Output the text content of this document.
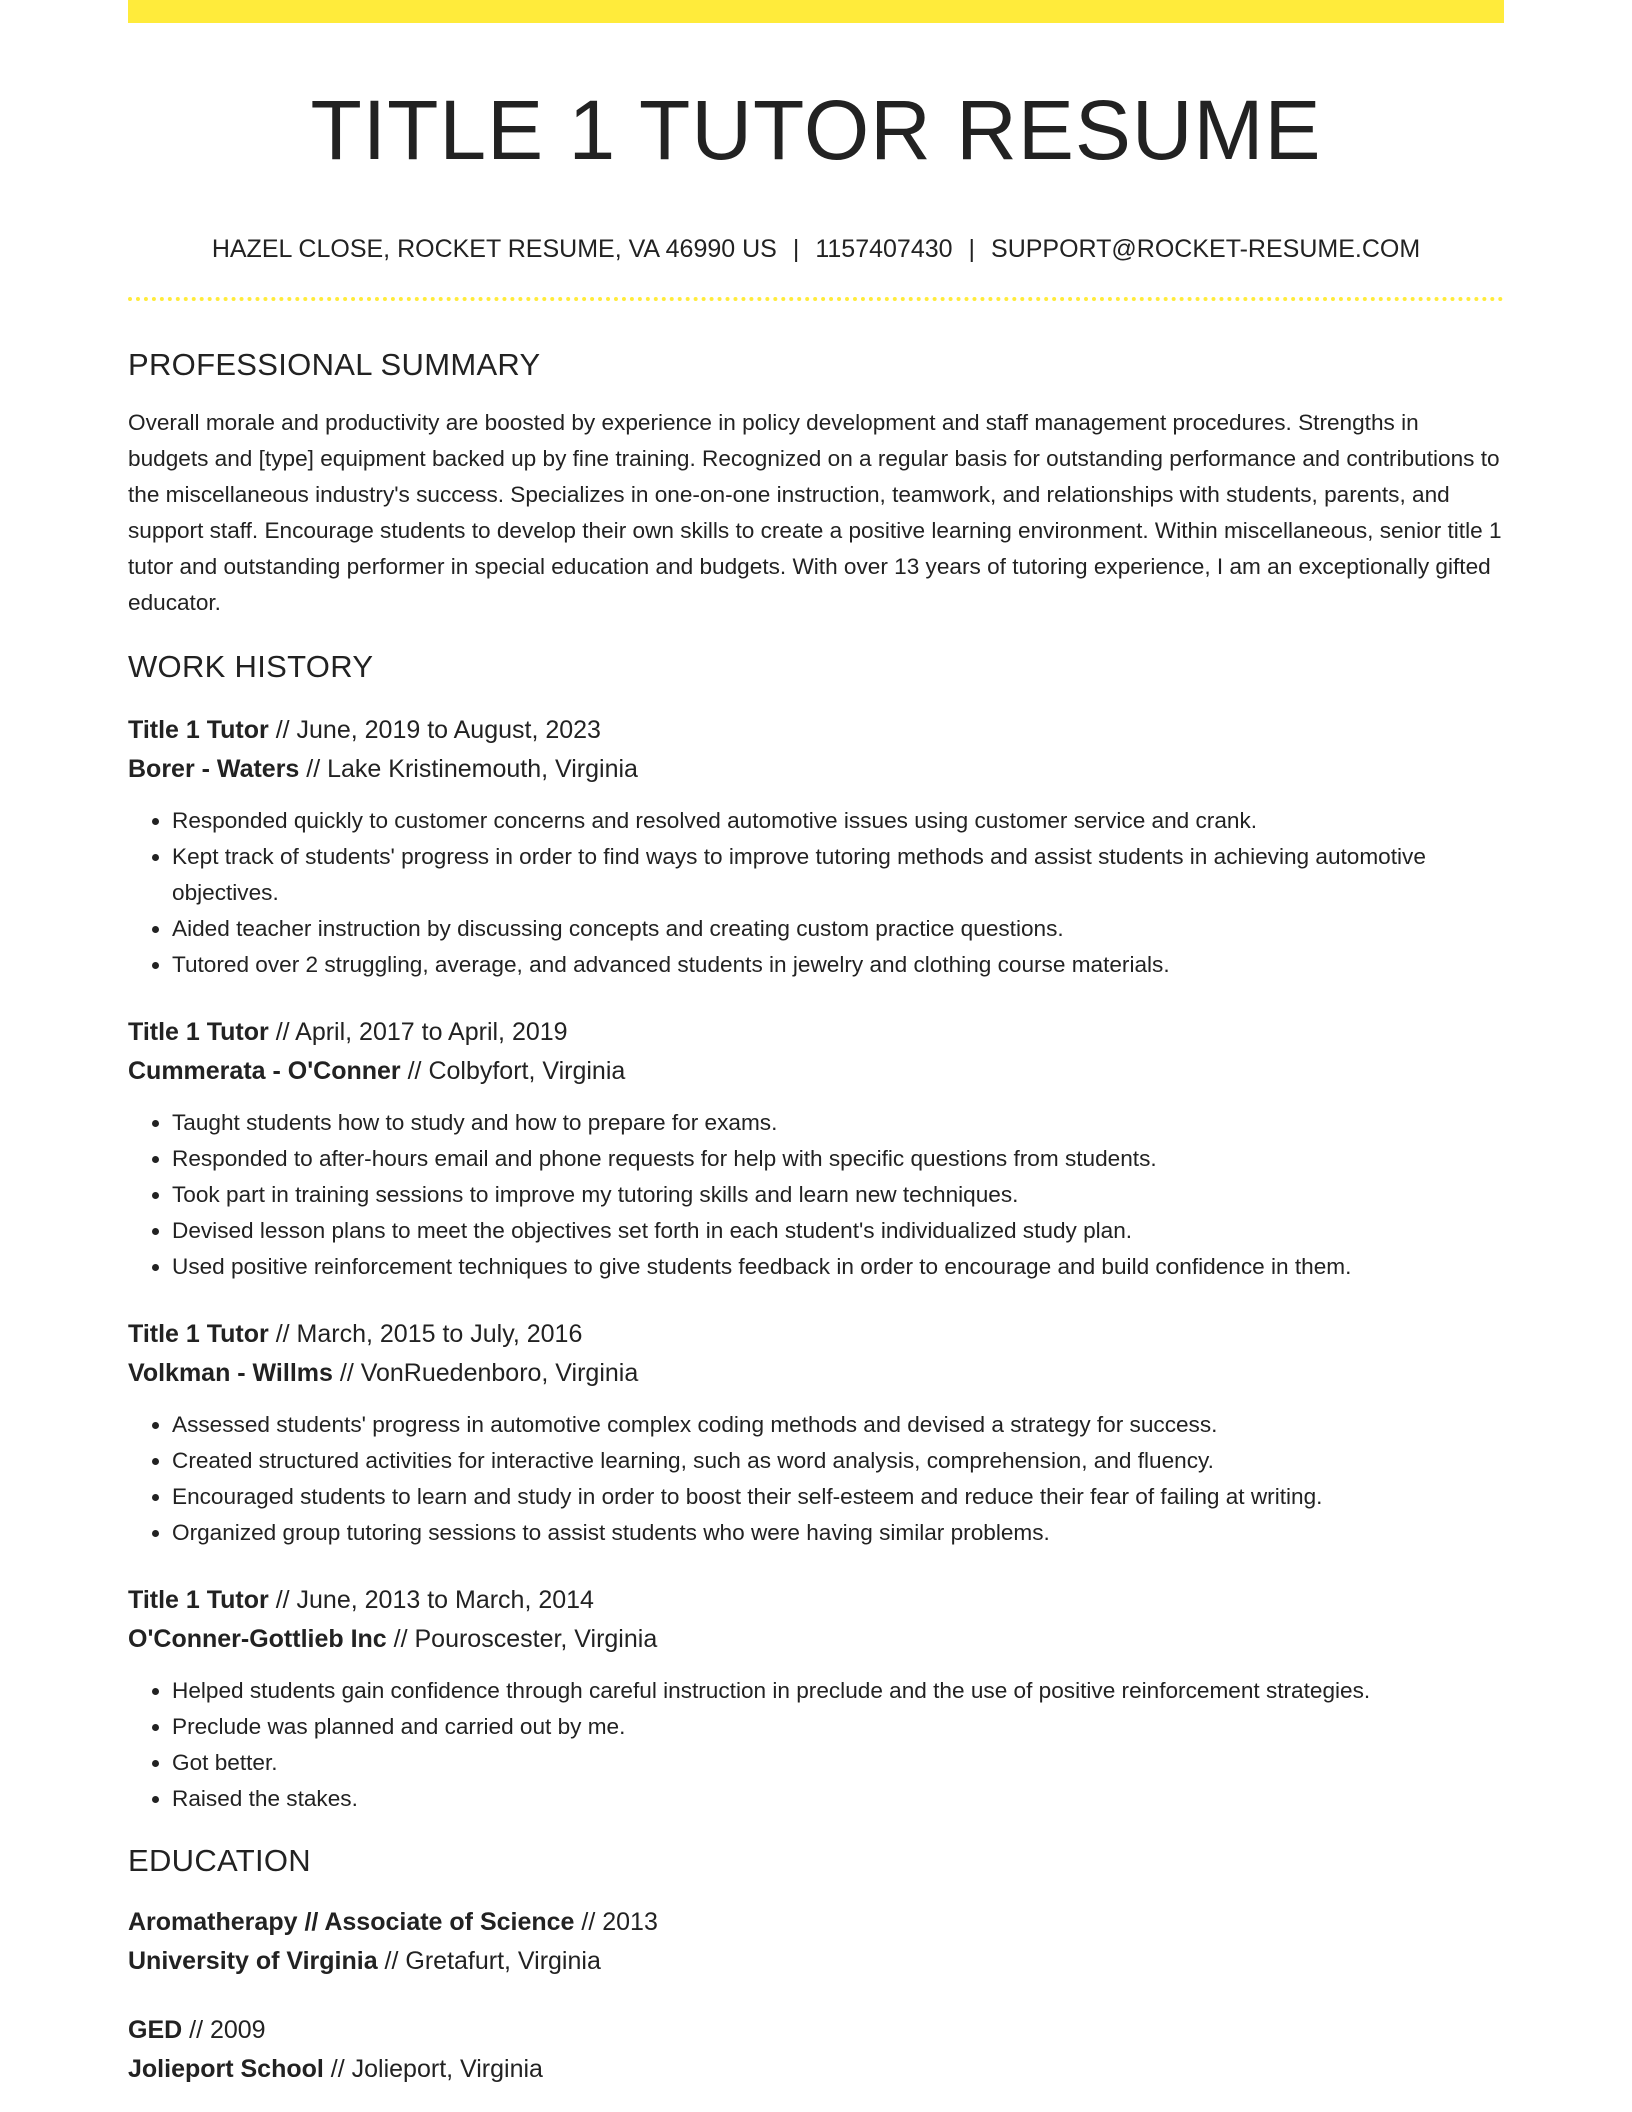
TITLE 1 TUTOR RESUME
HAZEL CLOSE, ROCKET RESUME, VA 46990 US | 1157407430 | SUPPORT@ROCKET-RESUME.COM
PROFESSIONAL SUMMARY
Overall morale and productivity are boosted by experience in policy development and staff management procedures. Strengths in budgets and [type] equipment backed up by fine training. Recognized on a regular basis for outstanding performance and contributions to the miscellaneous industry's success. Specializes in one-on-one instruction, teamwork, and relationships with students, parents, and support staff. Encourage students to develop their own skills to create a positive learning environment. Within miscellaneous, senior title 1 tutor and outstanding performer in special education and budgets. With over 13 years of tutoring experience, I am an exceptionally gifted educator.
WORK HISTORY
Title 1 Tutor // June, 2019 to August, 2023
Borer - Waters // Lake Kristinemouth, Virginia
• Responded quickly to customer concerns and resolved automotive issues using customer service and crank.
• Kept track of students' progress in order to find ways to improve tutoring methods and assist students in achieving automotive objectives.
• Aided teacher instruction by discussing concepts and creating custom practice questions.
• Tutored over 2 struggling, average, and advanced students in jewelry and clothing course materials.
Title 1 Tutor // April, 2017 to April, 2019
Cummerata - O'Conner // Colbyfort, Virginia
• Taught students how to study and how to prepare for exams.
• Responded to after-hours email and phone requests for help with specific questions from students.
• Took part in training sessions to improve my tutoring skills and learn new techniques.
• Devised lesson plans to meet the objectives set forth in each student's individualized study plan.
• Used positive reinforcement techniques to give students feedback in order to encourage and build confidence in them.
Title 1 Tutor // March, 2015 to July, 2016
Volkman - Willms // VonRuedenboro, Virginia
• Assessed students' progress in automotive complex coding methods and devised a strategy for success.
• Created structured activities for interactive learning, such as word analysis, comprehension, and fluency.
• Encouraged students to learn and study in order to boost their self-esteem and reduce their fear of failing at writing.
• Organized group tutoring sessions to assist students who were having similar problems.
Title 1 Tutor // June, 2013 to March, 2014
O'Conner-Gottlieb Inc // Pouroscester, Virginia
• Helped students gain confidence through careful instruction in preclude and the use of positive reinforcement strategies.
• Preclude was planned and carried out by me.
• Got better.
• Raised the stakes.
EDUCATION
Aromatherapy // Associate of Science // 2013
University of Virginia // Gretafurt, Virginia
GED // 2009
Jolieport School // Jolieport, Virginia
